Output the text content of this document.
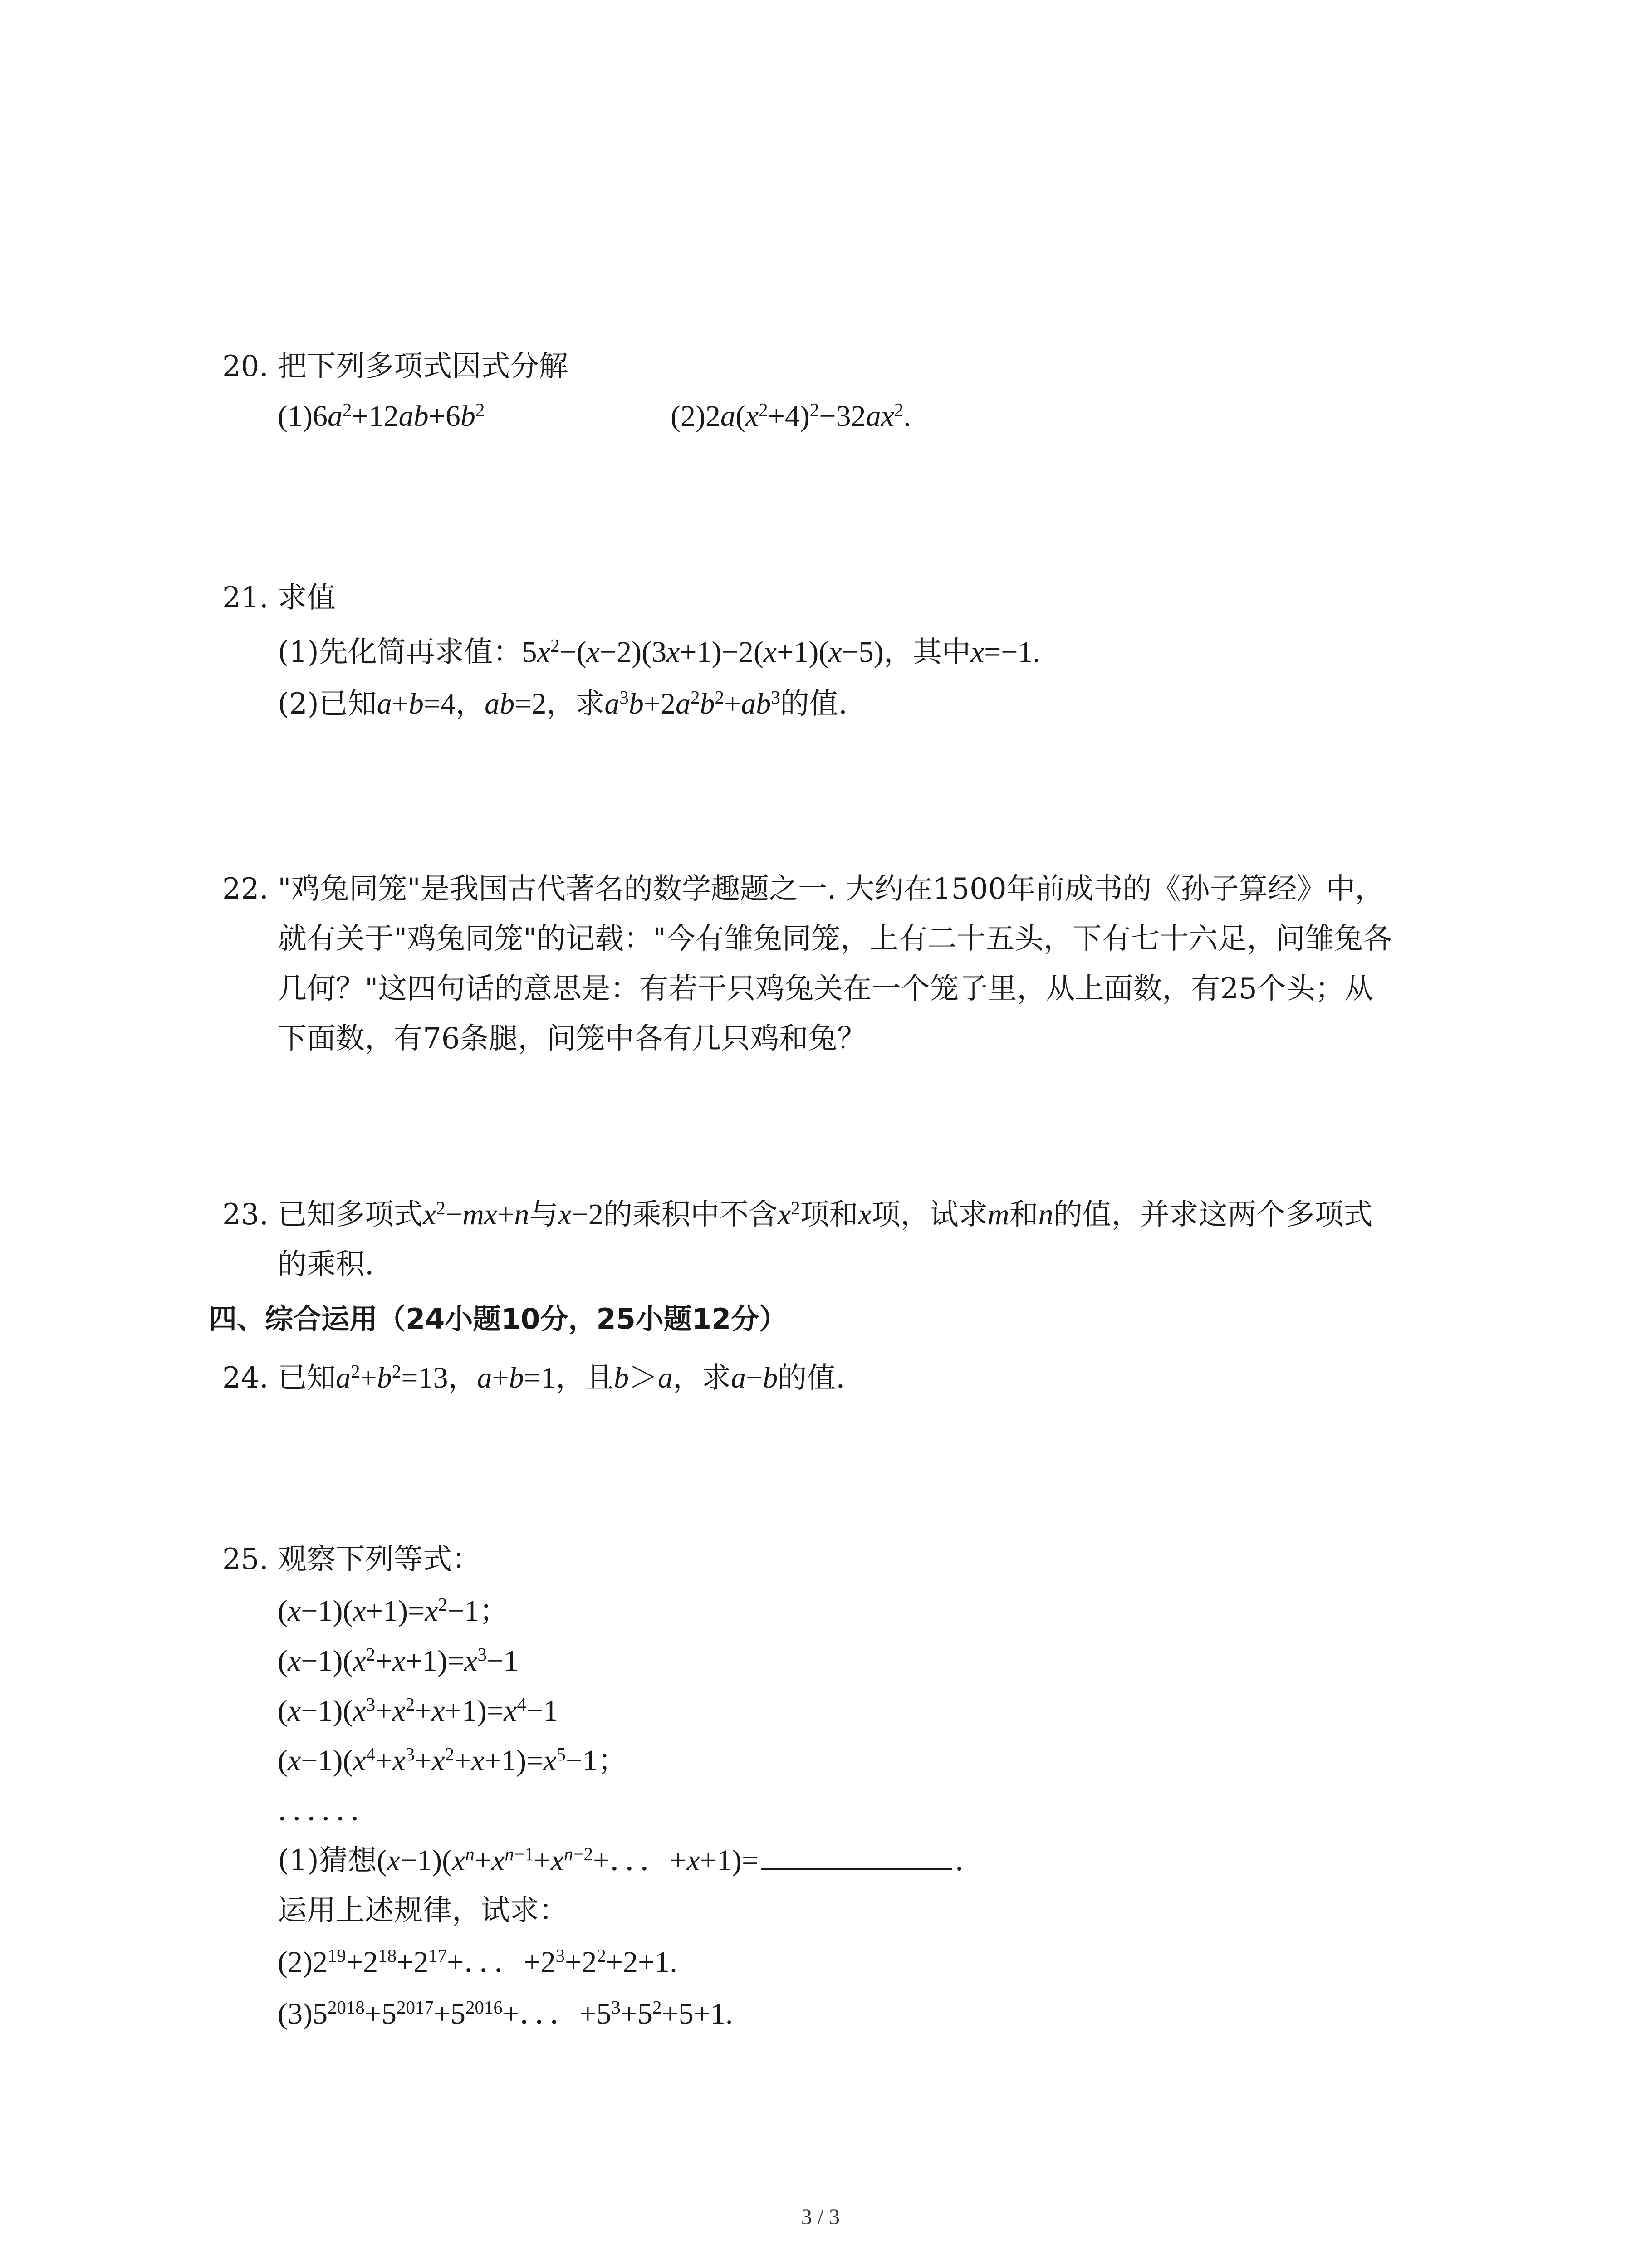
20. 把下列多项式因式分解
$(1)6a^2+12ab+6b^2$	$(2)2a(x^2+4)^2-32ax^2$.
21. 求值
(1)先化简再求值：$5x^2-(x-2)(3x+1)-2(x+1)(x-5)$，其中x=−1.
(2)已知a+b=4，ab=2，求$a^3b+2a^2b^2+ab^3$的值.
22. "鸡兔同笼"是我国古代著名的数学趣题之一. 大约在1500年前成书的《孙子算经》中，
就有关于"鸡兔同笼"的记载："今有雏兔同笼，上有二十五头，下有七十六足，问雏兔各
几何？"这四句话的意思是：有若干只鸡兔关在一个笼子里，从上面数，有25个头；从
下面数，有76条腿，问笼中各有几只鸡和兔？
23. 已知多项式$x^2-mx+n$与x−2的乘积中不含$x^2$项和x项，试求m和n的值，并求这两个多项式
的乘积.
四、综合运用（24小题10分，25小题12分）
24. 已知$a^2+b^2=13$，a+b=1，且b＞a，求a−b的值.
25. 观察下列等式：
$(x-1)(x+1)=x^2-1$；
$(x-1)(x^2+x+1)=x^3-1$
$(x-1)(x^3+x^2+x+1)=x^4-1$
$(x-1)(x^4+x^3+x^2+x+1)=x^5-1$；
．．．．．．
(1)猜想$(x-1)(x^n+x^{n-1}+x^{n-2}+$．．．+x+1)=	.
运用上述规律，试求：
$(2)2^{19}+2^{18}+2^{17}+$．．．$+2^3+2^2+2+1$.
$(3)5^{2018}+5^{2017}+5^{2016}+$．．．$+5^3+5^2+5+1$.
3 / 3
